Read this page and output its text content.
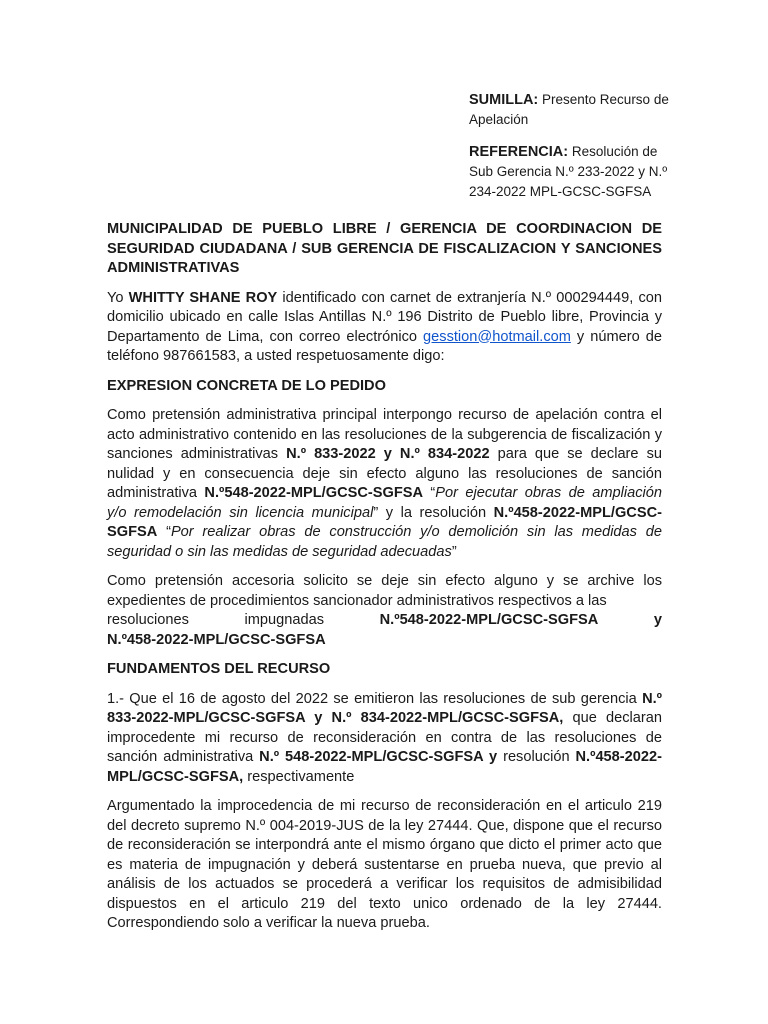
SUMILLA: Presento Recurso de Apelación

REFERENCIA: Resolución de Sub Gerencia N.º 233-2022 y N.º 234-2022 MPL-GCSC-SGFSA

MUNICIPALIDAD DE PUEBLO LIBRE / GERENCIA DE COORDINACION DE SEGURIDAD CIUDADANA / SUB GERENCIA DE FISCALIZACION Y SANCIONES ADMINISTRATIVAS

Yo WHITTY SHANE ROY identificado con carnet de extranjería N.º 000294449, con domicilio ubicado en calle Islas Antillas N.º 196 Distrito de Pueblo libre, Provincia y Departamento de Lima, con correo electrónico gesstion@hotmail.com y número de teléfono 987661583, a usted respetuosamente digo:

EXPRESION CONCRETA DE LO PEDIDO

Como pretensión administrativa principal interpongo recurso de apelación contra el acto administrativo contenido en las resoluciones de la subgerencia de fiscalización y sanciones administrativas N.º 833-2022 y N.º 834-2022 para que se declare su nulidad y en consecuencia deje sin efecto alguno las resoluciones de sanción administrativa N.º548-2022-MPL/GCSC-SGFSA “Por ejecutar obras de ampliación y/o remodelación sin licencia municipal” y la resolución N.º458-2022-MPL/GCSC-SGFSA “Por realizar obras de construcción y/o demolición sin las medidas de seguridad o sin las medidas de seguridad adecuadas”

Como pretensión accesoria solicito se deje sin efecto alguno y se archive los expedientes de procedimientos sancionador administrativos respectivos a las

resoluciones	impugnadas	N.º548-2022-MPL/GCSC-SGFSA	y

N.º458-2022-MPL/GCSC-SGFSA

FUNDAMENTOS DEL RECURSO

1.- Que el 16 de agosto del 2022 se emitieron las resoluciones de sub gerencia N.º 833-2022-MPL/GCSC-SGFSA y N.º 834-2022-MPL/GCSC-SGFSA, que declaran improcedente mi recurso de reconsideración en contra de las resoluciones de sanción administrativa N.º 548-2022-MPL/GCSC-SGFSA y resolución N.º458-2022-MPL/GCSC-SGFSA, respectivamente

Argumentado la improcedencia de mi recurso de reconsideración en el articulo 219 del decreto supremo N.º 004-2019-JUS de la ley 27444. Que, dispone que el recurso de reconsideración se interpondrá ante el mismo órgano que dicto el primer acto que es materia de impugnación y deberá sustentarse en prueba nueva, que previo al análisis de los actuados se procederá a verificar los requisitos de admisibilidad dispuestos en el articulo 219 del texto unico ordenado de la ley 27444. Correspondiendo solo a verificar la nueva prueba.
